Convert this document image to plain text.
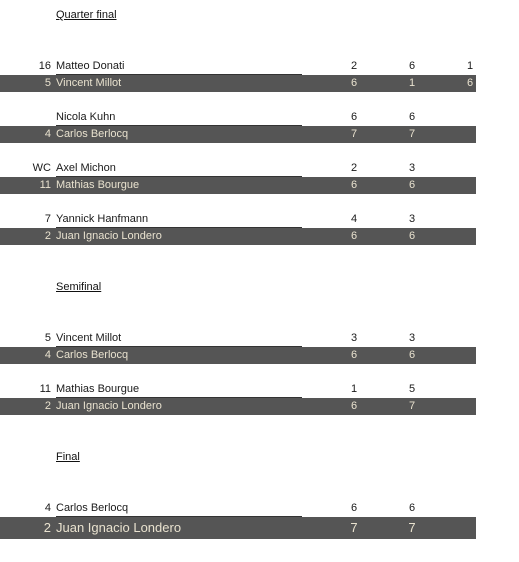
Quarter final
Semifinal
Final
16 Matteo Donati	2	6	1
5 Vincent Millot	6	1	6
Nicola Kuhn	6	6
4 Carlos Berlocq	7	7
WC Axel Michon	2	3
11 Mathias Bourgue	6	6
7 Yannick Hanfmann	4	3
2 Juan Ignacio Londero	6	6
5 Vincent Millot	3	3
4 Carlos Berlocq	6	6
11 Mathias Bourgue	1	5
2 Juan Ignacio Londero	6	7
4 Carlos Berlocq	6	6
2 Juan Ignacio Londero	7	7
